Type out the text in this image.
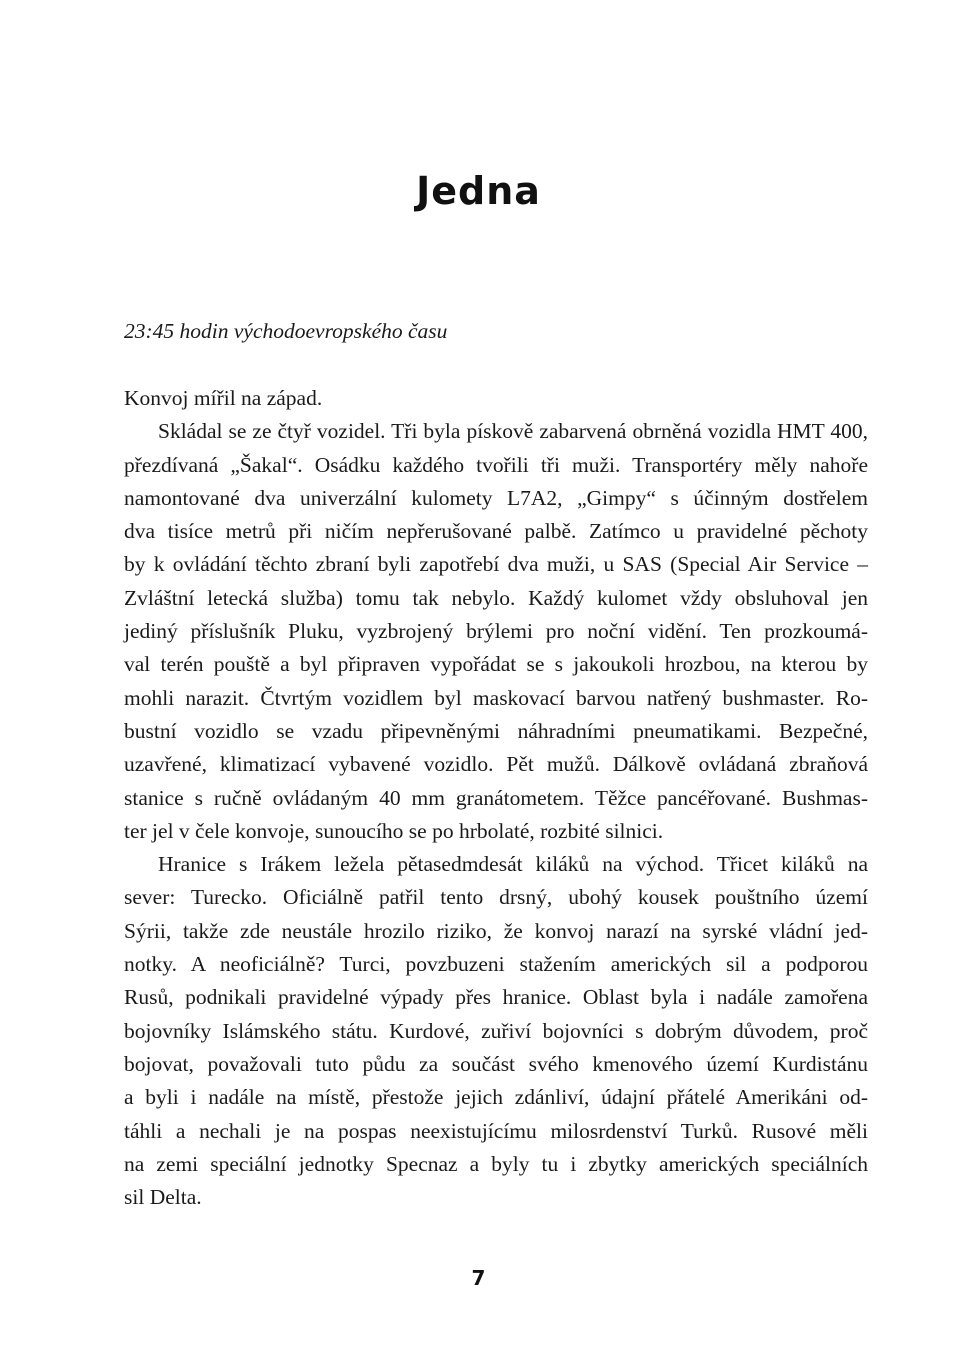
Jedna

23:45 hodin východoevropského času

Konvoj mířil na západ.

Skládal se ze čtyř vozidel. Tři byla pískově zabarvená obrněná vozidla HMT 400,
přezdívaná „Šakal“. Osádku každého tvořili tři muži. Transportéry měly nahoře
namontované dva univerzální kulomety L7A2, „Gimpy“ s účinným dostřelem
dva tisíce metrů při ničím nepřerušované palbě. Zatímco u pravidelné pěchoty
by k ovládání těchto zbraní byli zapotřebí dva muži, u SAS (Special Air Service –
Zvláštní letecká služba) tomu tak nebylo. Každý kulomet vždy obsluhoval jen
jediný příslušník Pluku, vyzbrojený brýlemi pro noční vidění. Ten prozkoumá-
val terén pouště a byl připraven vypořádat se s jakoukoli hrozbou, na kterou by
mohli narazit. Čtvrtým vozidlem byl maskovací barvou natřený bushmaster. Ro-
bustní vozidlo se vzadu připevněnými náhradními pneumatikami. Bezpečné,
uzavřené, klimatizací vybavené vozidlo. Pět mužů. Dálkově ovládaná zbraňová
stanice s ručně ovládaným 40 mm granátometem. Těžce pancéřované. Bushmas-
ter jel v čele konvoje, sunoucího se po hrbolaté, rozbité silnici.

Hranice s Irákem ležela pětasedmdesát kiláků na východ. Třicet kiláků na
sever: Turecko. Oficiálně patřil tento drsný, ubohý kousek pouštního území
Sýrii, takže zde neustále hrozilo riziko, že konvoj narazí na syrské vládní jed-
notky. A neoficiálně? Turci, povzbuzeni stažením amerických sil a podporou
Rusů, podnikali pravidelné výpady přes hranice. Oblast byla i nadále zamořena
bojovníky Islámského státu. Kurdové, zuřiví bojovníci s dobrým důvodem, proč
bojovat, považovali tuto půdu za součást svého kmenového území Kurdistánu
a byli i nadále na místě, přestože jejich zdánliví, údajní přátelé Amerikáni od-
táhli a nechali je na pospas neexistujícímu milosrdenství Turků. Rusové měli
na zemi speciální jednotky Specnaz a byly tu i zbytky amerických speciálních
sil Delta.

7
